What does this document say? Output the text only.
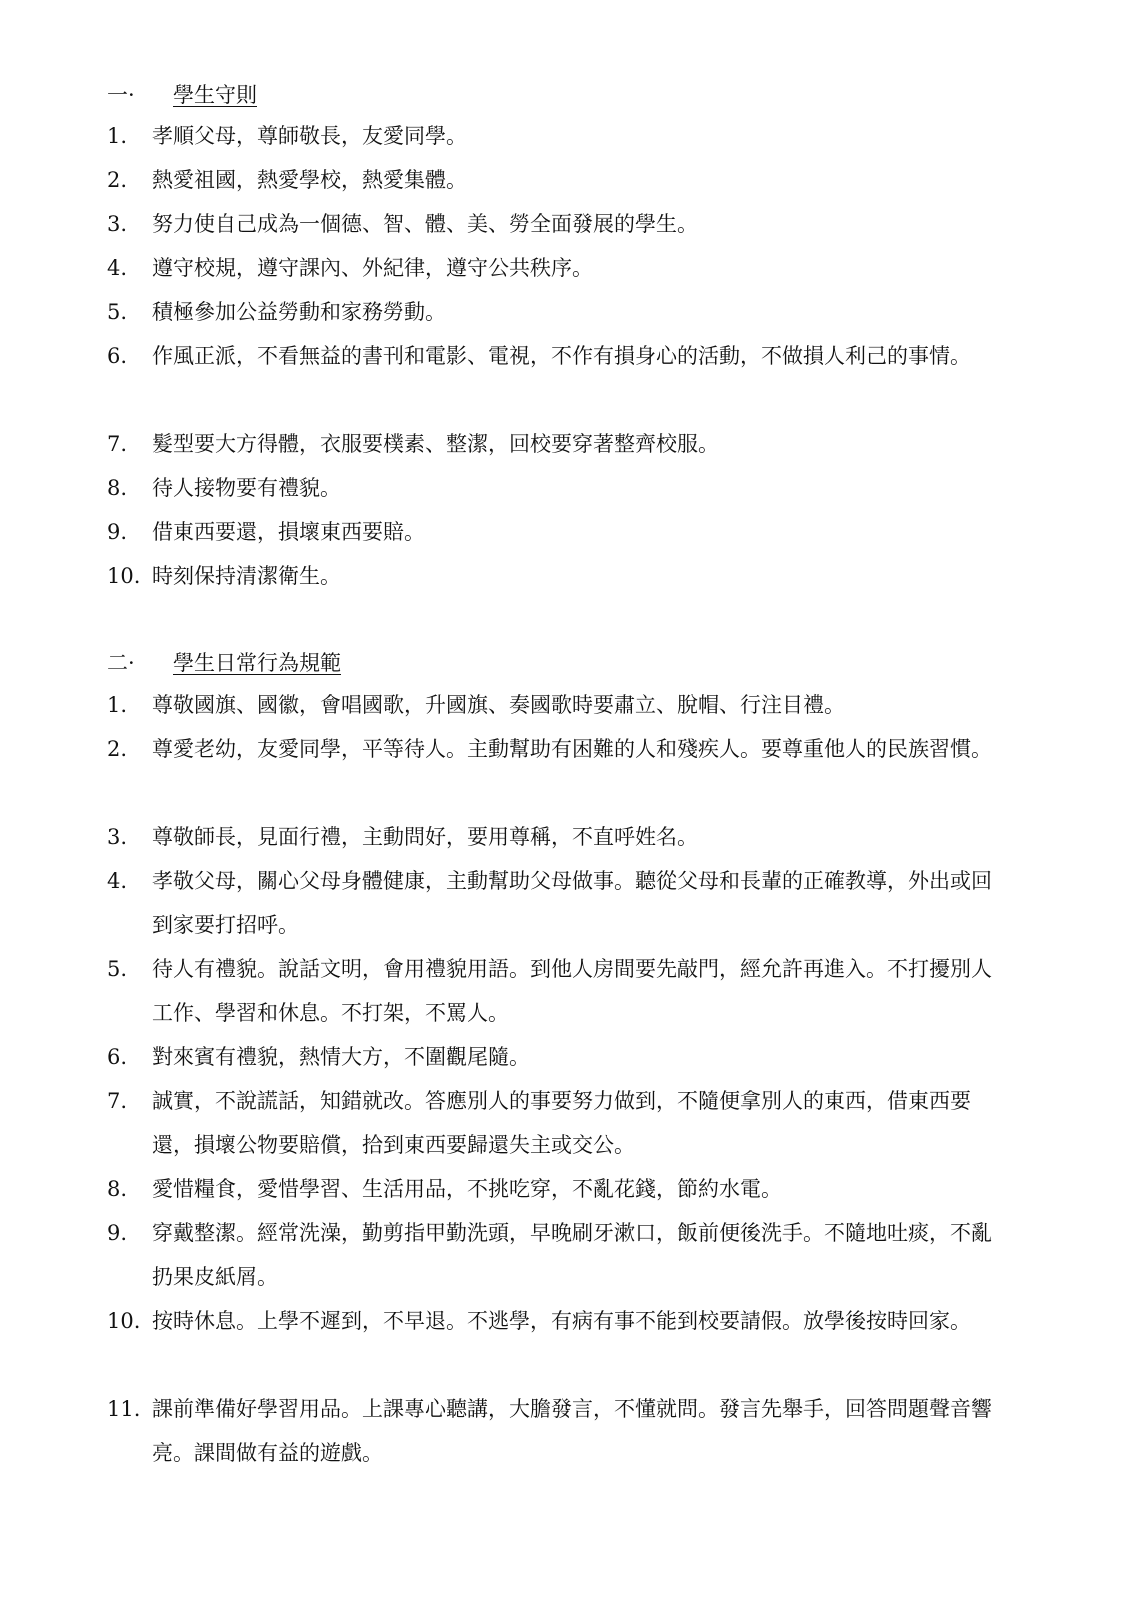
一· 學生守則
1. 孝順父母，尊師敬長，友愛同學。
2. 熱愛祖國，熱愛學校，熱愛集體。
3. 努力使自己成為一個德、智、體、美、勞全面發展的學生。
4. 遵守校規，遵守課內、外紀律，遵守公共秩序。
5. 積極參加公益勞動和家務勞動。
6. 作風正派，不看無益的書刊和電影、電視，不作有損身心的活動，不做損人利己的事情。
7. 髮型要大方得體，衣服要樸素、整潔，回校要穿著整齊校服。
8. 待人接物要有禮貌。
9. 借東西要還，損壞東西要賠。
10. 時刻保持清潔衛生。
二· 學生日常行為規範
1. 尊敬國旗、國徽，會唱國歌，升國旗、奏國歌時要肅立、脫帽、行注目禮。
2. 尊愛老幼，友愛同學，平等待人。主動幫助有困難的人和殘疾人。要尊重他人的民族習慣。
3. 尊敬師長，見面行禮，主動問好，要用尊稱，不直呼姓名。
4. 孝敬父母，關心父母身體健康，主動幫助父母做事。聽從父母和長輩的正確教導，外出或回到家要打招呼。
5. 待人有禮貌。說話文明，會用禮貌用語。到他人房間要先敲門，經允許再進入。不打擾別人工作、學習和休息。不打架，不罵人。
6. 對來賓有禮貌，熱情大方，不圍觀尾隨。
7. 誠實，不說謊話，知錯就改。答應別人的事要努力做到，不隨便拿別人的東西，借東西要還，損壞公物要賠償，拾到東西要歸還失主或交公。
8. 愛惜糧食，愛惜學習、生活用品，不挑吃穿，不亂花錢，節約水電。
9. 穿戴整潔。經常洗澡，勤剪指甲勤洗頭，早晚刷牙漱口，飯前便後洗手。不隨地吐痰，不亂扔果皮紙屑。
10. 按時休息。上學不遲到，不早退。不逃學，有病有事不能到校要請假。放學後按時回家。
11. 課前準備好學習用品。上課專心聽講，大膽發言，不懂就問。發言先舉手，回答問題聲音響亮。課間做有益的遊戲。
